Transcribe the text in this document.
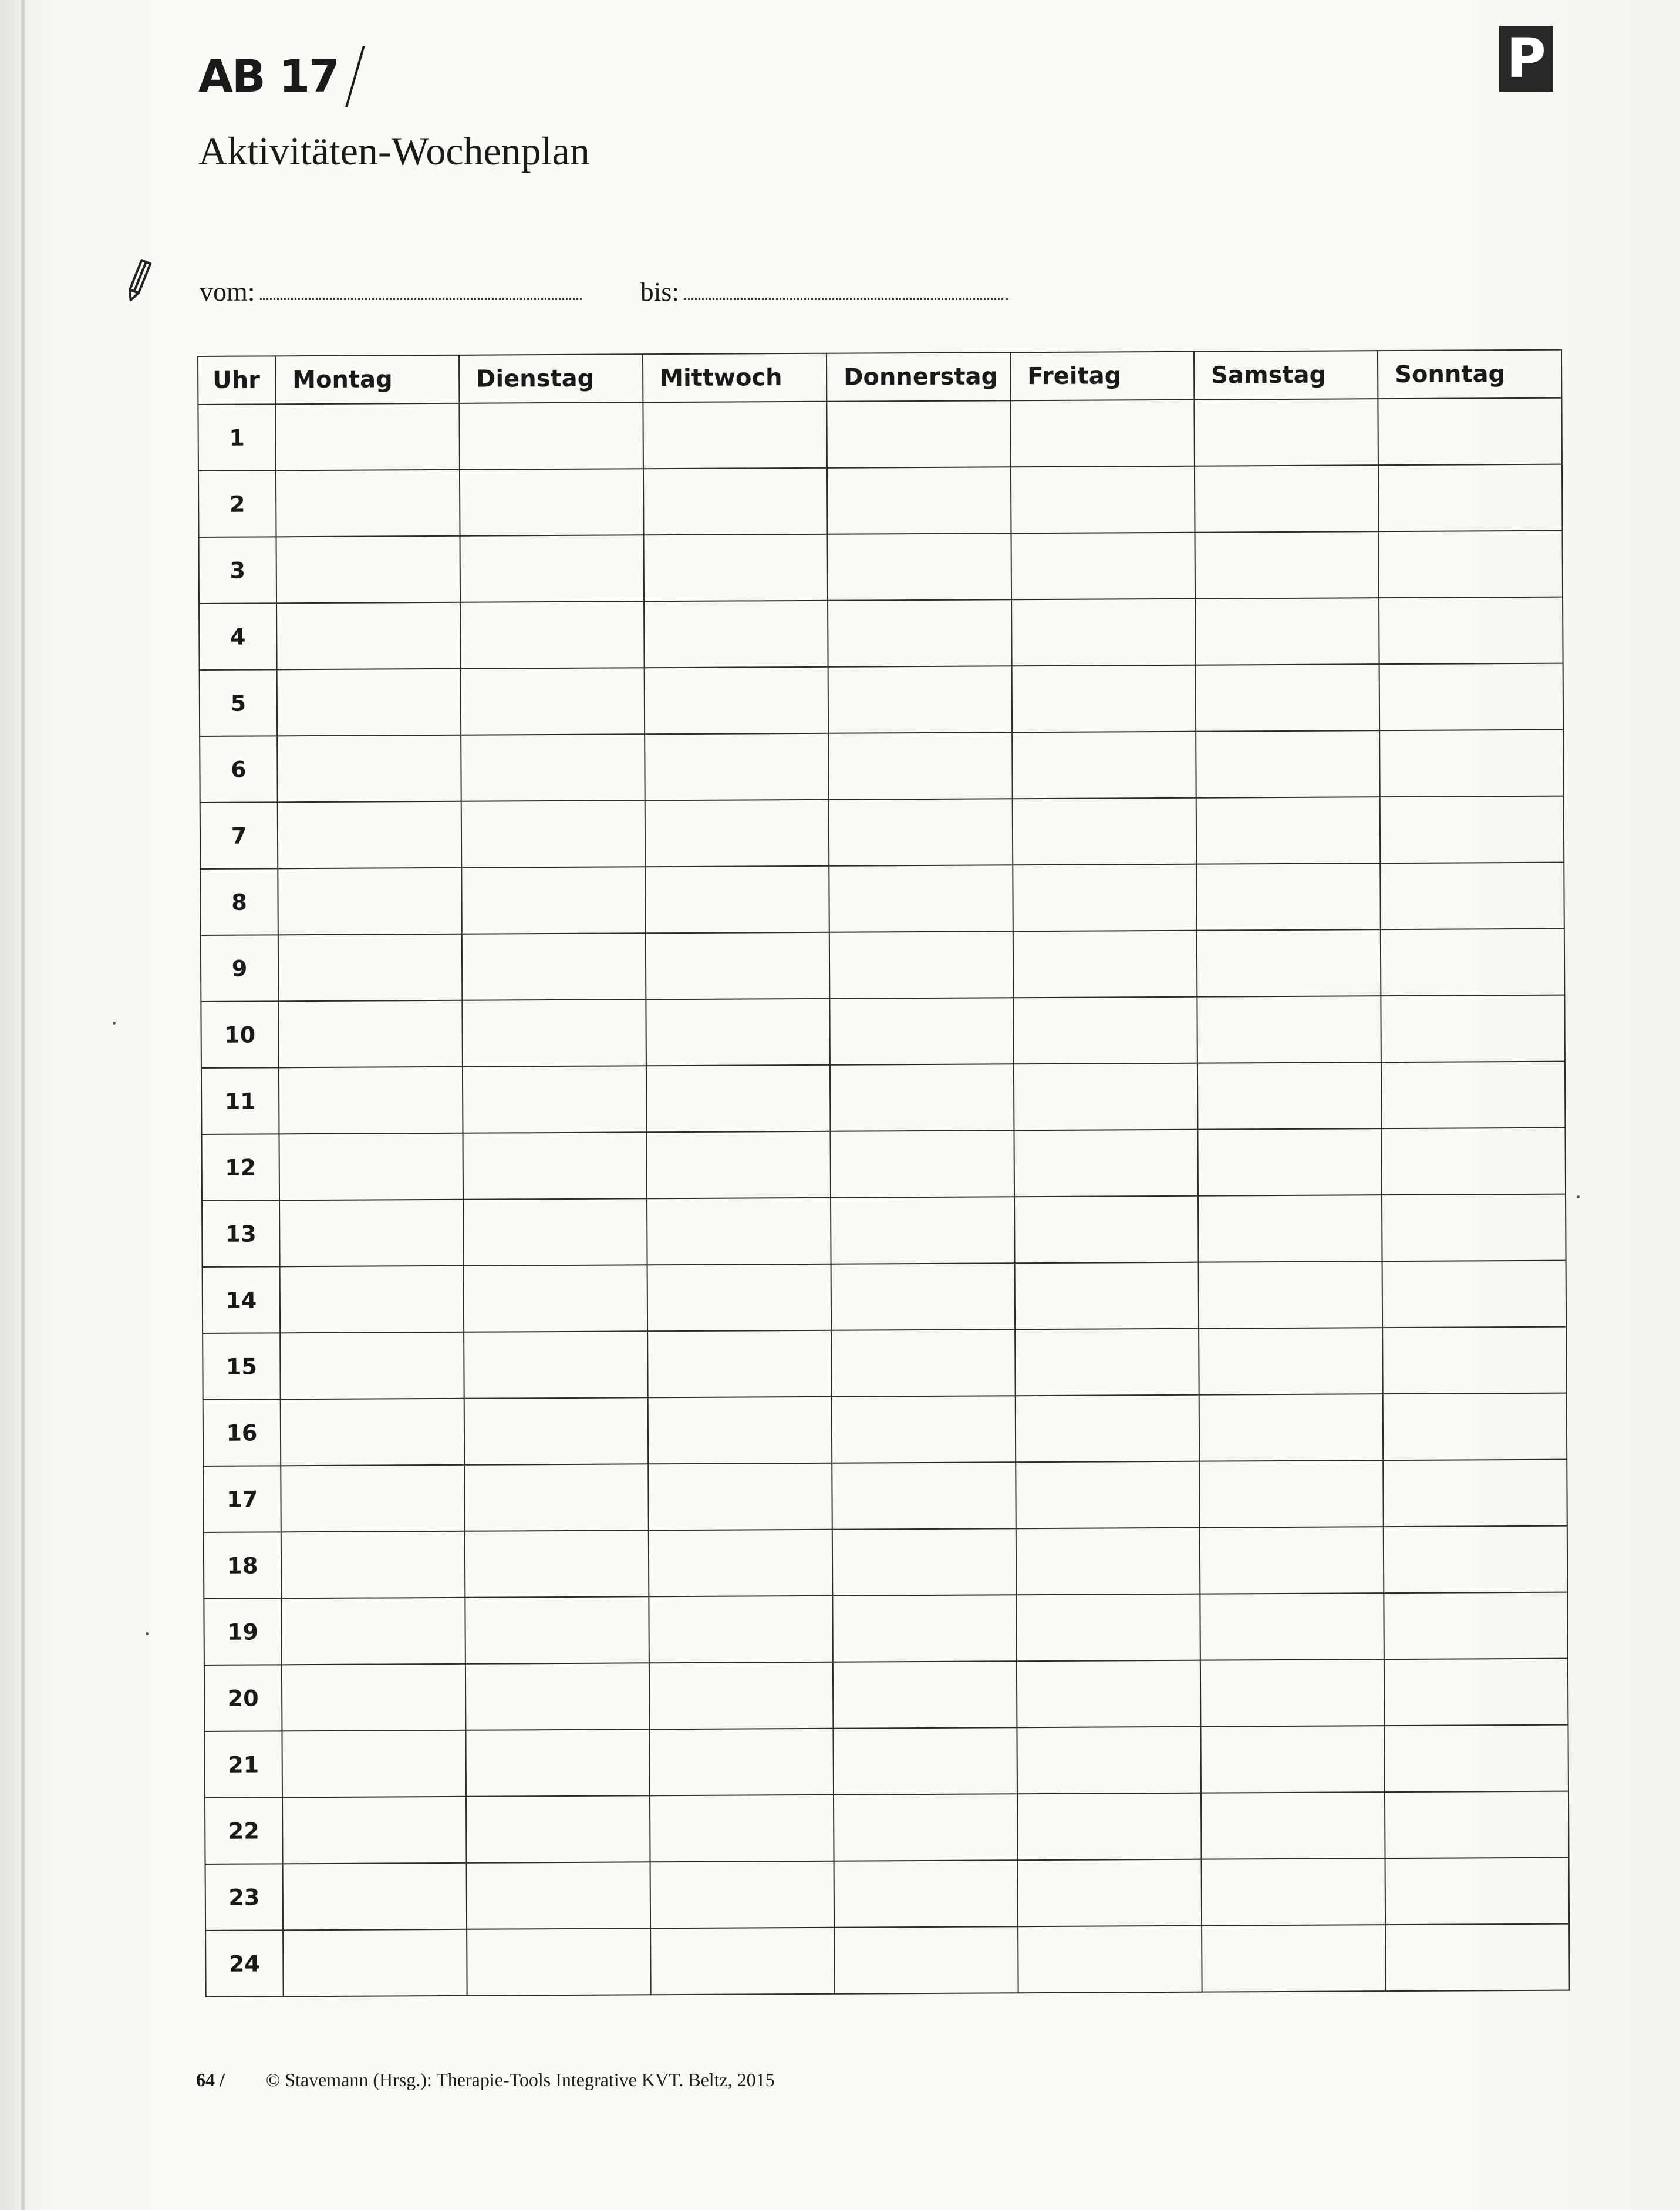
AB 17
Aktivitäten-Wochenplan
P
vom:	bis:
Uhr	Montag	Dienstag	Mittwoch	Donnerstag	Freitag	Samstag	Sonntag
1							
2							
3							
4							
5							
6							
7							
8							
9							
10							
11							
12							
13							
14							
15							
16							
17							
18							
19							
20							
21							
22							
23							
24							
64 / © Stavemann (Hrsg.): Therapie-Tools Integrative KVT. Beltz, 2015
